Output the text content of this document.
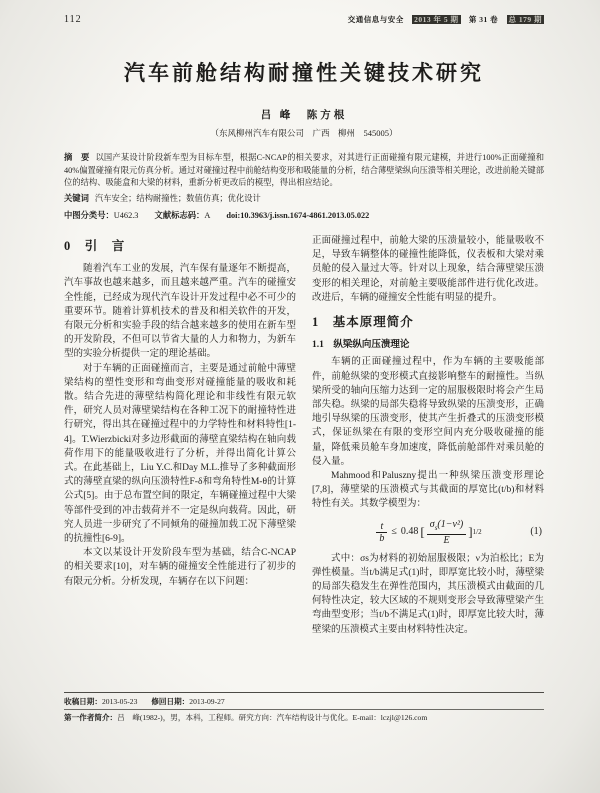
112	交通信息与安全 2013 年 5 期 第 31 卷 总 179 期
汽车前舱结构耐撞性关键技术研究
吕 峰　陈方根
（东风柳州汽车有限公司　广西　柳州　545005）
摘　要 以国产某设计阶段新车型为目标车型，根据C-NCAP的相关要求，对其进行正面碰撞有限元建模，并进行100%正面碰撞和40%偏置碰撞有限元仿真分析。通过对碰撞过程中前舱结构变形和吸能量的分析，结合薄壁梁纵向压溃等相关理论，改进前舱关键部位的结构、吸能盒和大梁的材料，重新分析更改后的模型，得出相应结论。
关键词 汽车安全；结构耐撞性；数值仿真；优化设计
中图分类号：U462.3 文献标志码：A doi:10.3963/j.issn.1674-4861.2013.05.022
0　引　言

随着汽车工业的发展，汽车保有量逐年不断提高，汽车事故也越来越多，而且越来越严重。汽车的碰撞安全性能，已经成为现代汽车设计开发过程中必不可少的重要环节。随着计算机技术的普及和相关软件的开发，有限元分析和实验手段的结合越来越多的使用在新车型的开发阶段，不但可以节省大量的人力和物力，为新车型的实验分析提供一定的理论基础。

对于车辆的正面碰撞而言，主要是通过前舱中薄壁梁结构的塑性变形和弯曲变形对碰撞能量的吸收和耗散。结合先进的薄壁结构简化理论和非线性有限元软件，研究人员对薄壁梁结构在各种工况下的耐撞特性进行研究，得出其在碰撞过程中的力学特性和材料特性[1-4]。T.Wierzbicki对多边形截面的薄壁直梁结构在轴向载荷作用下的能量吸收进行了分析，并得出简化计算公式。在此基础上，Liu Y.C.和Day M.L.推导了多种截面形式的薄壁直梁的纵向压溃特性F-δ和弯角特性M-θ的计算公式[5]。由于总布置空间的限定，车辆碰撞过程中大梁等部件受到的冲击载荷并不一定是纵向载荷。因此，研究人员进一步研究了不同倾角的碰撞加载工况下薄壁梁的抗撞性[6-9]。

本文以某设计开发阶段车型为基础，结合C-NCAP的相关要求[10]，对车辆的碰撞安全性能进行了初步的有限元分析。分析发现，车辆存在以下问题：

正面碰撞过程中，前舱大梁的压溃量较小，能量吸收不足，导致车辆整体的碰撞性能降低，仪表板和大梁对乘员舱的侵入量过大等。针对以上现象，结合薄壁梁压溃变形的相关理论，对前舱主要吸能部件进行优化改进。改进后，车辆的碰撞安全性能有明显的提升。

1　基本原理简介
1.1　纵梁纵向压溃理论

车辆的正面碰撞过程中，作为车辆的主要吸能部件，前舱纵梁的变形模式直接影响整车的耐撞性。当纵梁所受的轴向压缩力达到一定的屈服极限时将会产生局部失稳。纵梁的局部失稳将导致纵梁的压溃变形，正确地引导纵梁的压溃变形，使其产生折叠式的压溃变形模式，保证纵梁在有限的变形空间内充分吸收碰撞的能量，降低乘员舱车身加速度，降低前舱部件对乘员舱的侵入量。

Mahmood和Paluszny提出一种纵梁压溃变形理论[7,8]，薄壁梁的压溃模式与其截面的厚宽比(t/b)和材料特性有关。其数学模型为：

$\frac{t}{b} \le 0.48$ [ $\frac{\sigma_s(1-\nu^2)}{E}$ ] 1/2	(1)

式中：σs为材料的初始屈服极限；ν为泊松比；E为弹性模量。当t/b满足式(1)时，即厚宽比较小时，薄壁梁的局部失稳发生在弹性范围内，其压溃模式由截面的几何特性决定，较大区域的不规则变形会导致薄壁梁产生弯曲型变形；当t/b不满足式(1)时，即厚宽比较大时，薄壁梁的压溃模式主要由材料特性决定。

收稿日期：2013-05-23 修回日期：2013-09-27
第一作者简介：吕　峰(1982-)，男，本科，工程师。研究方向：汽车结构设计与优化。E-mail：lczjl@126.com
